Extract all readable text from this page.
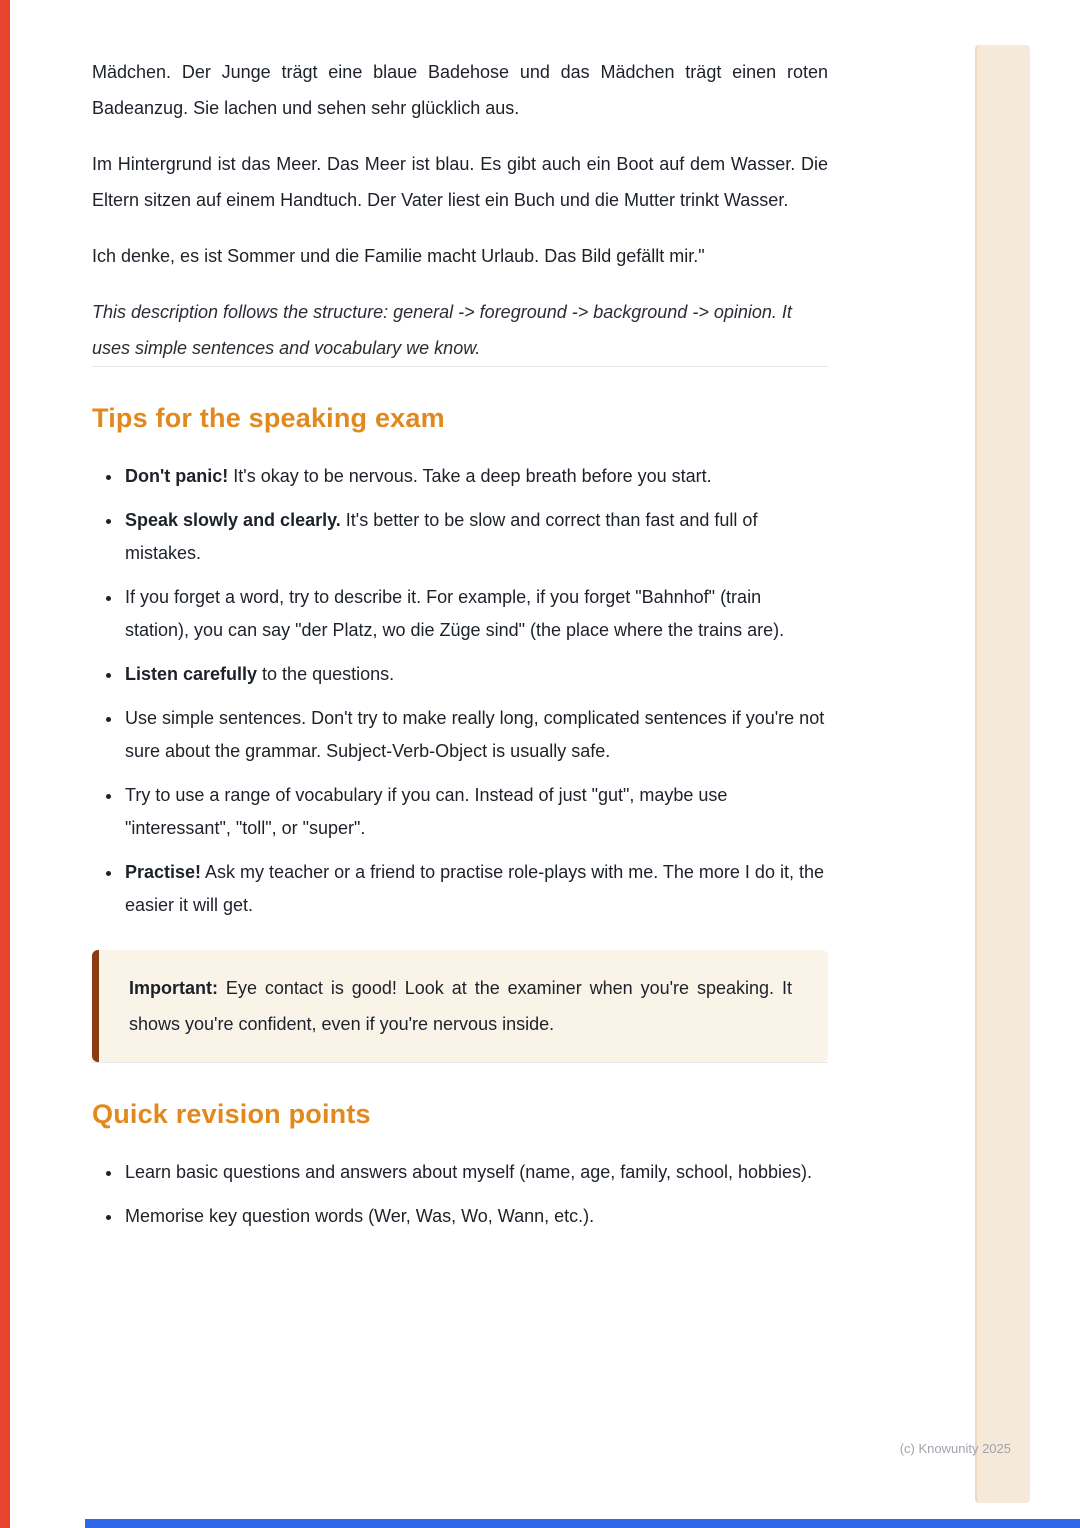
Mädchen. Der Junge trägt eine blaue Badehose und das Mädchen trägt einen roten Badeanzug. Sie lachen und sehen sehr glücklich aus.

Im Hintergrund ist das Meer. Das Meer ist blau. Es gibt auch ein Boot auf dem Wasser. Die Eltern sitzen auf einem Handtuch. Der Vater liest ein Buch und die Mutter trinkt Wasser.

Ich denke, es ist Sommer und die Familie macht Urlaub. Das Bild gefällt mir."

This description follows the structure: general -> foreground -> background -> opinion. It uses simple sentences and vocabulary we know.

Tips for the speaking exam
• Don't panic! It's okay to be nervous. Take a deep breath before you start.
• Speak slowly and clearly. It's better to be slow and correct than fast and full of mistakes.
• If you forget a word, try to describe it. For example, if you forget "Bahnhof" (train station), you can say "der Platz, wo die Züge sind" (the place where the trains are).
• Listen carefully to the questions.
• Use simple sentences. Don't try to make really long, complicated sentences if you're not sure about the grammar. Subject-Verb-Object is usually safe.
• Try to use a range of vocabulary if you can. Instead of just "gut", maybe use "interessant", "toll", or "super".
• Practise! Ask my teacher or a friend to practise role-plays with me. The more I do it, the easier it will get.
Important: Eye contact is good! Look at the examiner when you're speaking. It shows you're confident, even if you're nervous inside.
Quick revision points
• Learn basic questions and answers about myself (name, age, family, school, hobbies).
• Memorise key question words (Wer, Was, Wo, Wann, etc.).
(c) Knowunity 2025
